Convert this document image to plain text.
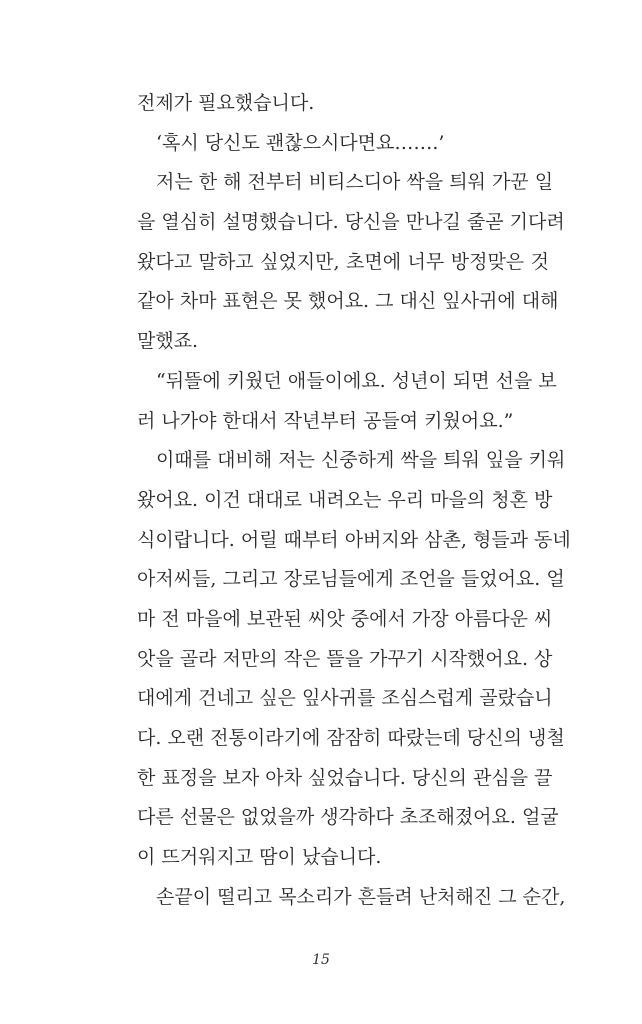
전제가 필요했습니다.
‘혹시 당신도 괜찮으시다면요…….’
저는 한 해 전부터 비티스디아 싹을 틔워 가꾼 일
을 열심히 설명했습니다. 당신을 만나길 줄곧 기다려
왔다고 말하고 싶었지만, 초면에 너무 방정맞은 것
같아 차마 표현은 못 했어요. 그 대신 잎사귀에 대해
말했죠.
“뒤뜰에 키웠던 애들이에요. 성년이 되면 선을 보
러 나가야 한대서 작년부터 공들여 키웠어요.”
이때를 대비해 저는 신중하게 싹을 틔워 잎을 키워
왔어요. 이건 대대로 내려오는 우리 마을의 청혼 방
식이랍니다. 어릴 때부터 아버지와 삼촌, 형들과 동네
아저씨들, 그리고 장로님들에게 조언을 들었어요. 얼
마 전 마을에 보관된 씨앗 중에서 가장 아름다운 씨
앗을 골라 저만의 작은 뜰을 가꾸기 시작했어요. 상
대에게 건네고 싶은 잎사귀를 조심스럽게 골랐습니
다. 오랜 전통이라기에 잠잠히 따랐는데 당신의 냉철
한 표정을 보자 아차 싶었습니다. 당신의 관심을 끌
다른 선물은 없었을까 생각하다 초조해졌어요. 얼굴
이 뜨거워지고 땀이 났습니다.
손끝이 떨리고 목소리가 흔들려 난처해진 그 순간,
15
